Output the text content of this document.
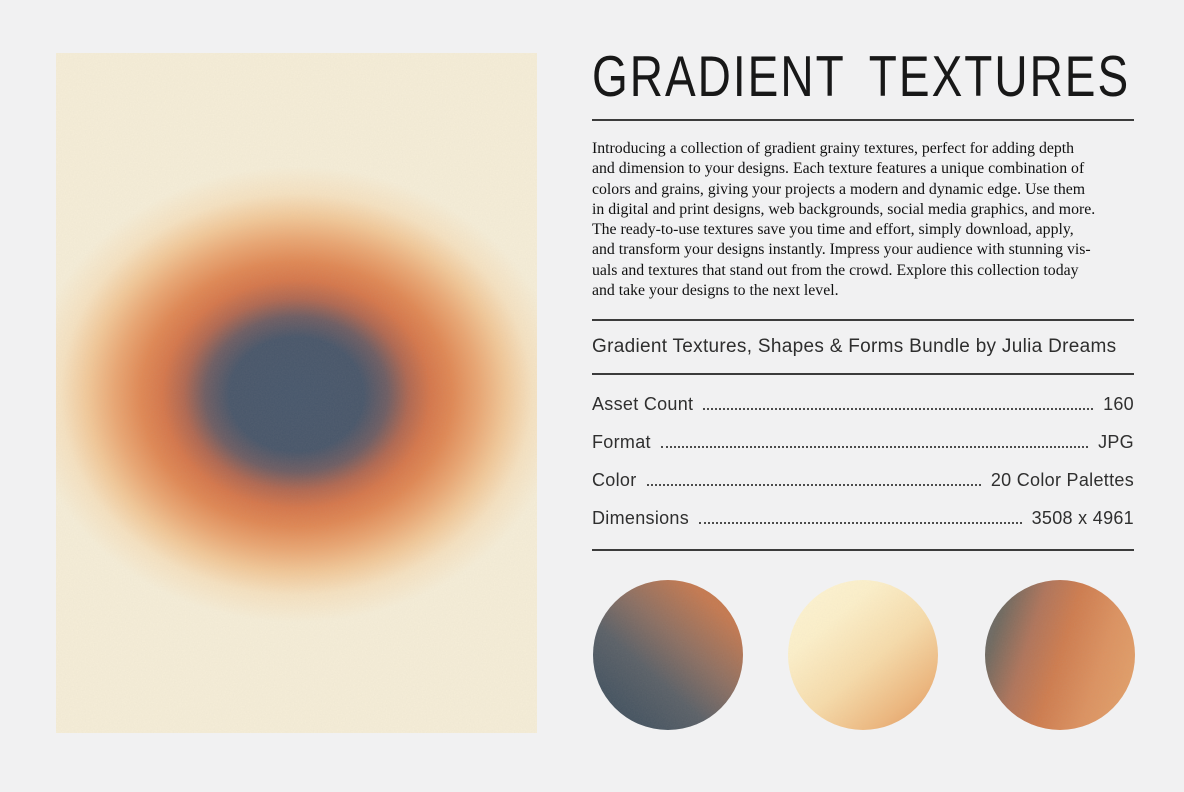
GRADIENT TEXTURES
Introducing a collection of gradient grainy textures, perfect for adding depth
and dimension to your designs. Each texture features a unique combination of
colors and grains, giving your projects a modern and dynamic edge. Use them
in digital and print designs, web backgrounds, social media graphics, and more.
The ready-to-use textures save you time and effort, simply download, apply,
and transform your designs instantly. Impress your audience with stunning vis-
uals and textures that stand out from the crowd. Explore this collection today
and take your designs to the next level.
Gradient Textures, Shapes & Forms Bundle by Julia Dreams
Asset Count	160
Format	JPG
Color	20 Color Palettes
Dimensions	3508 x 4961
